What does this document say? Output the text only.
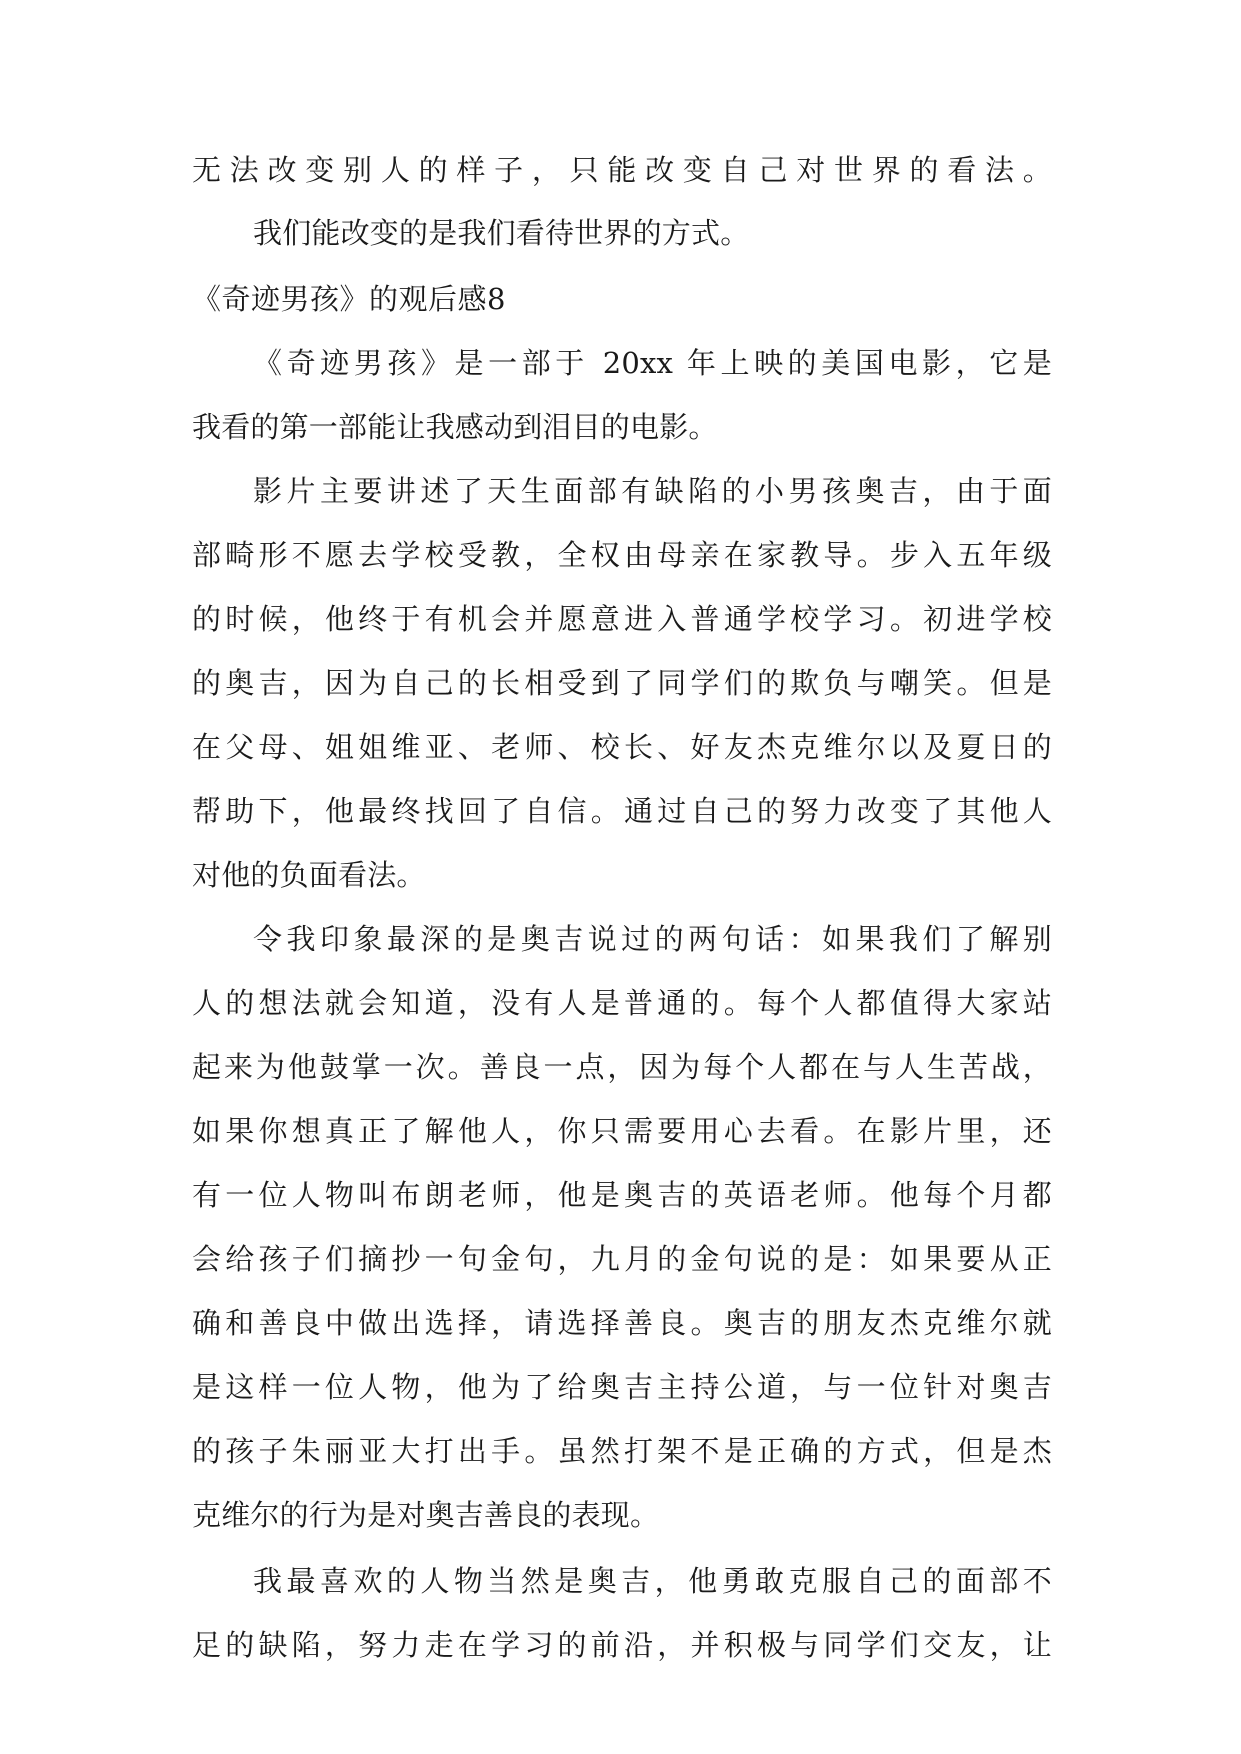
无法改变别人的样子，只能改变自己对世界的看法。
我们能改变的是我们看待世界的方式。
《奇迹男孩》的观后感8
《奇迹男孩》是一部于 20xx 年上映的美国电影，它是
我看的第一部能让我感动到泪目的电影。
影片主要讲述了天生面部有缺陷的小男孩奥吉，由于面
部畸形不愿去学校受教，全权由母亲在家教导。步入五年级
的时候，他终于有机会并愿意进入普通学校学习。初进学校
的奥吉，因为自己的长相受到了同学们的欺负与嘲笑。但是
在父母、姐姐维亚、老师、校长、好友杰克维尔以及夏日的
帮助下，他最终找回了自信。通过自己的努力改变了其他人
对他的负面看法。
令我印象最深的是奥吉说过的两句话：如果我们了解别
人的想法就会知道，没有人是普通的。每个人都值得大家站
起来为他鼓掌一次。善良一点，因为每个人都在与人生苦战，
如果你想真正了解他人，你只需要用心去看。在影片里，还
有一位人物叫布朗老师，他是奥吉的英语老师。他每个月都
会给孩子们摘抄一句金句，九月的金句说的是：如果要从正
确和善良中做出选择，请选择善良。奥吉的朋友杰克维尔就
是这样一位人物，他为了给奥吉主持公道，与一位针对奥吉
的孩子朱丽亚大打出手。虽然打架不是正确的方式，但是杰
克维尔的行为是对奥吉善良的表现。
我最喜欢的人物当然是奥吉，他勇敢克服自己的面部不
足的缺陷，努力走在学习的前沿，并积极与同学们交友，让
